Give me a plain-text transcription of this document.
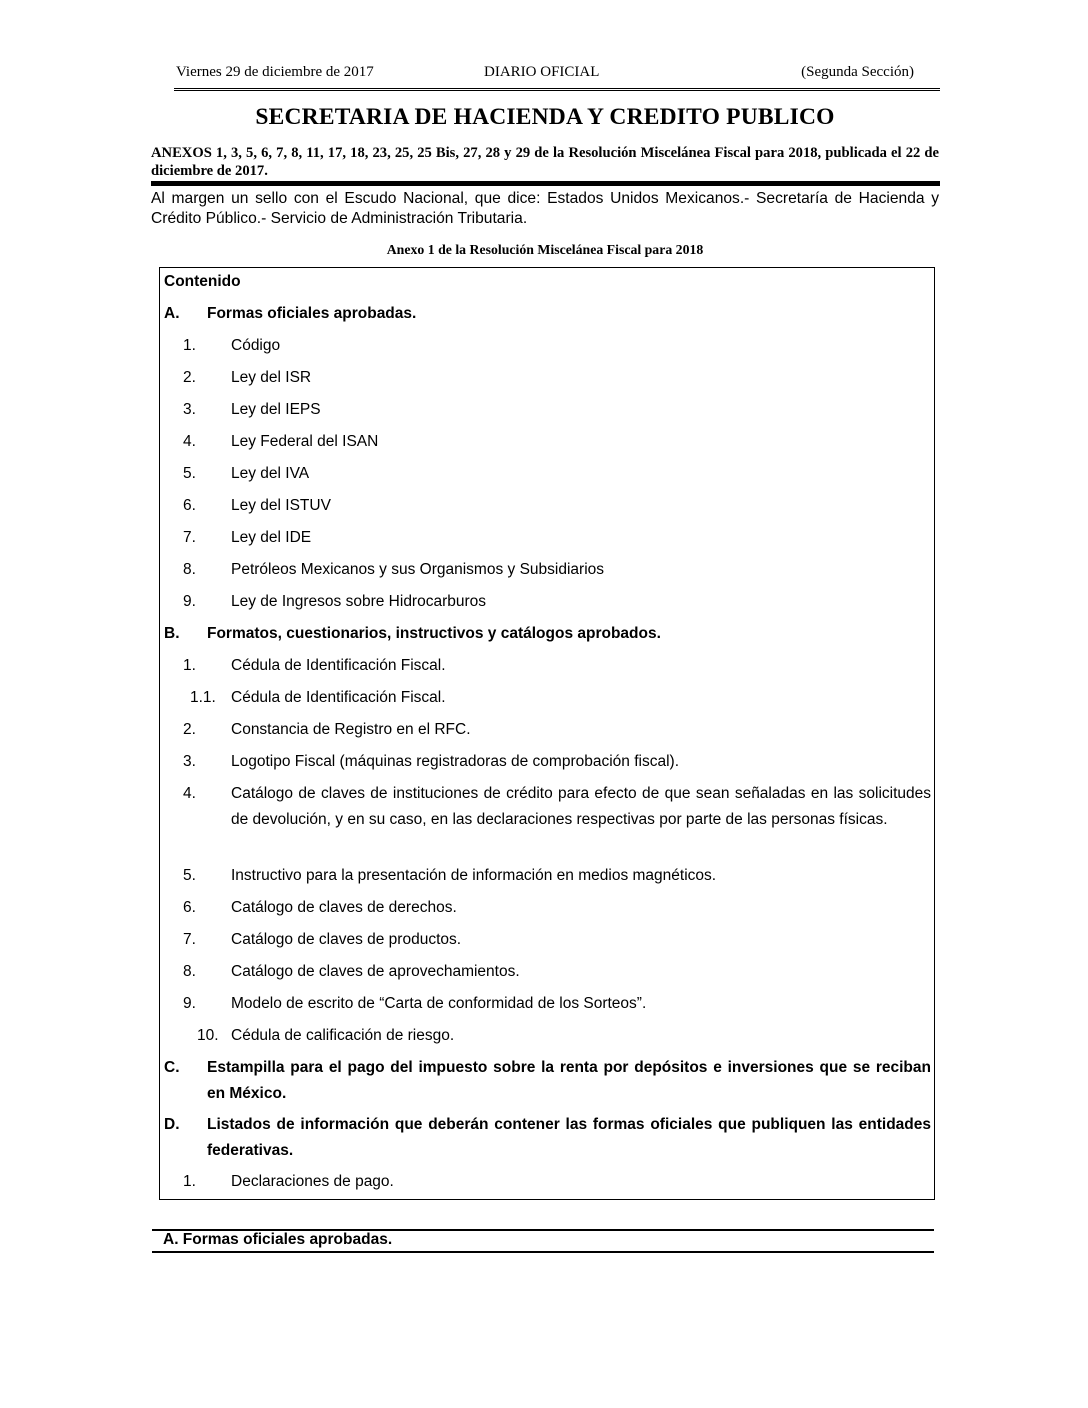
Viernes 29 de diciembre de 2017	DIARIO OFICIAL	(Segunda Sección)
SECRETARIA DE HACIENDA Y CREDITO PUBLICO
ANEXOS 1, 3, 5, 6, 7, 8, 11, 17, 18, 23, 25, 25 Bis, 27, 28 y 29 de la Resolución Miscelánea Fiscal para 2018, publicada el 22 de diciembre de 2017.
Al margen un sello con el Escudo Nacional, que dice: Estados Unidos Mexicanos.- Secretaría de Hacienda y Crédito Público.- Servicio de Administración Tributaria.
Anexo 1 de la Resolución Miscelánea Fiscal para 2018
Contenido
A. Formas oficiales aprobadas.
1. Código
2. Ley del ISR
3. Ley del IEPS
4. Ley Federal del ISAN
5. Ley del IVA
6. Ley del ISTUV
7. Ley del IDE
8. Petróleos Mexicanos y sus Organismos y Subsidiarios
9. Ley de Ingresos sobre Hidrocarburos
B. Formatos, cuestionarios, instructivos y catálogos aprobados.
1. Cédula de Identificación Fiscal.
1.1. Cédula de Identificación Fiscal.
2. Constancia de Registro en el RFC.
3. Logotipo Fiscal (máquinas registradoras de comprobación fiscal).
4. Catálogo de claves de instituciones de crédito para efecto de que sean señaladas en las solicitudes de devolución, y en su caso, en las declaraciones respectivas por parte de las personas físicas.
5. Instructivo para la presentación de información en medios magnéticos.
6. Catálogo de claves de derechos.
7. Catálogo de claves de productos.
8. Catálogo de claves de aprovechamientos.
9. Modelo de escrito de “Carta de conformidad de los Sorteos”.
10. Cédula de calificación de riesgo.
C. Estampilla para el pago del impuesto sobre la renta por depósitos e inversiones que se reciban en México.
D. Listados de información que deberán contener las formas oficiales que publiquen las entidades federativas.
1. Declaraciones de pago.
A. Formas oficiales aprobadas.
